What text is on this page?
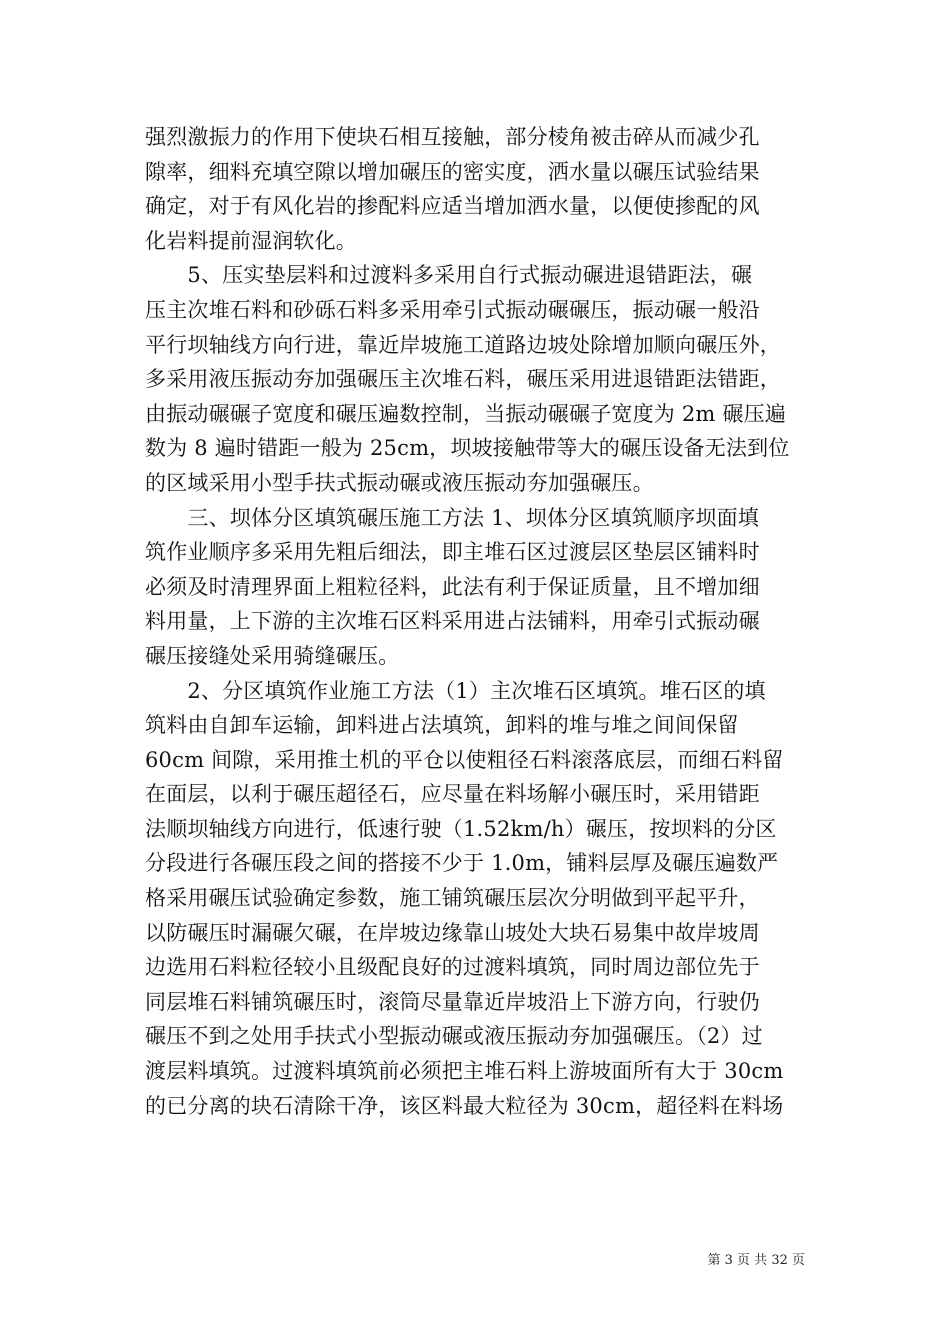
强烈激振力的作用下使块石相互接触，部分棱角被击碎从而减少孔
隙率，细料充填空隙以增加碾压的密实度，洒水量以碾压试验结果
确定，对于有风化岩的掺配料应适当增加洒水量，以便使掺配的风
化岩料提前湿润软化。
　　5、压实垫层料和过渡料多采用自行式振动碾进退错距法，碾
压主次堆石料和砂砾石料多采用牵引式振动碾碾压，振动碾一般沿
平行坝轴线方向行进，靠近岸坡施工道路边坡处除增加顺向碾压外，
多采用液压振动夯加强碾压主次堆石料，碾压采用进退错距法错距，
由振动碾碾子宽度和碾压遍数控制，当振动碾碾子宽度为 2m 碾压遍
数为 8 遍时错距一般为 25cm，坝坡接触带等大的碾压设备无法到位
的区域采用小型手扶式振动碾或液压振动夯加强碾压。
　　三、坝体分区填筑碾压施工方法 1、坝体分区填筑顺序坝面填
筑作业顺序多采用先粗后细法，即主堆石区过渡层区垫层区铺料时
必须及时清理界面上粗粒径料，此法有利于保证质量，且不增加细
料用量，上下游的主次堆石区料采用进占法铺料，用牵引式振动碾
碾压接缝处采用骑缝碾压。
　　2、分区填筑作业施工方法（1）主次堆石区填筑。堆石区的填
筑料由自卸车运输，卸料进占法填筑，卸料的堆与堆之间间保留
60cm 间隙，采用推土机的平仓以使粗径石料滚落底层，而细石料留
在面层，以利于碾压超径石，应尽量在料场解小碾压时，采用错距
法顺坝轴线方向进行，低速行驶（1.52km/h）碾压，按坝料的分区
分段进行各碾压段之间的搭接不少于 1.0m，铺料层厚及碾压遍数严
格采用碾压试验确定参数，施工铺筑碾压层次分明做到平起平升，
以防碾压时漏碾欠碾，在岸坡边缘靠山坡处大块石易集中故岸坡周
边选用石料粒径较小且级配良好的过渡料填筑，同时周边部位先于
同层堆石料铺筑碾压时，滚筒尽量靠近岸坡沿上下游方向，行驶仍
碾压不到之处用手扶式小型振动碾或液压振动夯加强碾压。（2）过
渡层料填筑。过渡料填筑前必须把主堆石料上游坡面所有大于 30cm
的已分离的块石清除干净，该区料最大粒径为 30cm，超径料在料场
第 3 页 共 32 页
